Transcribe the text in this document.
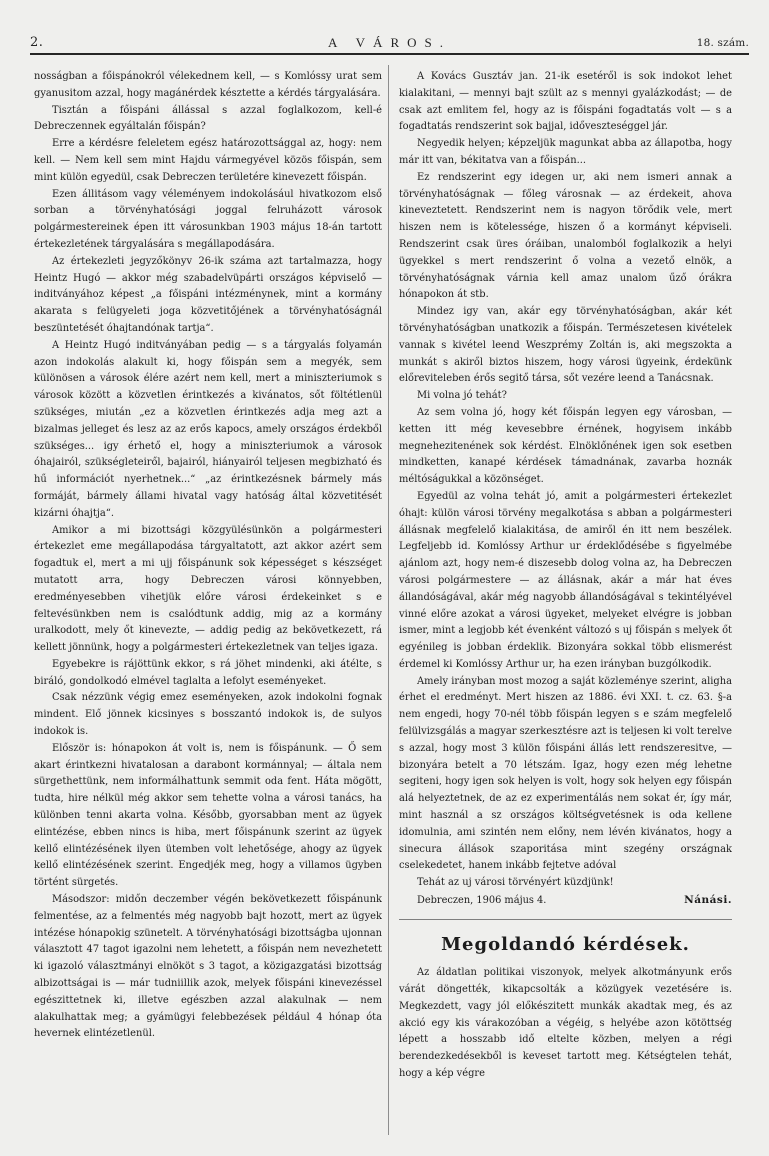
2.	A VÁROS.	18. szám.

nosságban a főispánokról vélekednem kell, — s Komlóssy urat sem gyanusitom azzal, hogy magánérdek késztette a kérdés tárgyalására.

Tisztán a főispáni állással s azzal foglalkozom, kell-é Debreczennek egyáltalán főispán?

Erre a kérdésre feleletem egész határozottsággal az, hogy: nem kell. — Nem kell sem mint Hajdu vármegyével közös főispán, sem mint külön egyedül, csak Debreczen területére kinevezett főispán.

Ezen állitásom vagy véleményem indokolásául hivatkozom első sorban a törvényhatósági joggal felruházott városok polgármestereinek épen itt városunkban 1903 május 18-án tartott értekezletének tárgyalására s megállapodására.

Az értekezleti jegyzőkönyv 26-ik száma azt tartalmazza, hogy Heintz Hugó — akkor még szabadelvüpárti országos képviselő — inditványához képest „a főispáni intézménynek, mint a kormány akarata s felügyeleti joga közvetitőjének a törvényhatóságnál beszüntetését óhajtandónak tartja“.

A Heintz Hugó inditványában pedig — s a tárgyalás folyamán azon indokolás alakult ki, hogy főispán sem a megyék, sem különösen a városok élére azért nem kell, mert a miniszteriumok s városok között a közvetlen érintkezés a kivánatos, sőt föltétlenül szükséges, miután „ez a közvetlen érintkezés adja meg azt a bizalmas jelleget és lesz az az erős kapocs, amely országos érdekből szükséges... igy érhető el, hogy a miniszteriumok a városok óhajairól, szükségleteiről, bajairól, hiányairól teljesen megbizható és hű információt nyerhetnek...“ „az érintkezésnek bármely más formáját, bármely állami hivatal vagy hatóság által közvetitését kizárni óhajtja“.

Amikor a mi bizottsági közgyülésünkön a polgármesteri értekezlet eme megállapodása tárgyaltatott, azt akkor azért sem fogadtuk el, mert a mi ujj főispánunk sok képességet s készséget mutatott arra, hogy Debreczen városi könnyebben, eredményesebben vihetjük előre városi érdekeinket s e feltevésünkben nem is csalódtunk addig, mig az a kormány uralkodott, mely őt kinevezte, — addig pedig az bekövetkezett, rá kellett jönnünk, hogy a polgármesteri értekezletnek van teljes igaza.

Egyebekre is rájöttünk ekkor, s rá jöhet mindenki, aki átélte, s biráló, gondolkodó elmével taglalta a lefolyt eseményeket.

Csak nézzünk végig emez eseményeken, azok indokolni fognak mindent. Elő jönnek kicsinyes s bosszantó indokok is, de sulyos indokok is.

Először is: hónapokon át volt is, nem is főispánunk. — Ő sem akart érintkezni hivatalosan a darabont kormánnyal; — általa nem sürgethettünk, nem informálhattunk semmit oda fent. Háta mögött, tudta, hire nélkül még akkor sem tehette volna a városi tanács, ha különben tenni akarta volna. Később, gyorsabban ment az ügyek elintézése, ebben nincs is hiba, mert főispánunk szerint az ügyek kellő elintézésének ilyen ütemben volt lehetősége, ahogy az ügyek kellő elintézésének szerint. Engedjék meg, hogy a villamos ügyben történt sürgetés.

Másodszor: midőn deczember végén bekövetkezett főispánunk felmentése, az a felmentés még nagyobb bajt hozott, mert az ügyek intézése hónapokig szünetelt. A törvényhatósági bizottságba ujonnan választott 47 tagot igazolni nem lehetett, a főispán nem nevezhetett ki igazoló választmányi elnököt s 3 tagot, a közigazgatási bizottság albizottságai is — már tudniillik azok, melyek főispáni kinevezéssel egészittetnek ki, illetve egészben azzal alakulnak — nem alakulhattak meg; a gyámügyi felebbezések például 4 hónap óta hevernek elintézetlenül.

A Kovács Gusztáv jan. 21-ik esetéről is sok indokot lehet kialakitani, — mennyi bajt szült az s mennyi gyalázkodást; — de csak azt emlitem fel, hogy az is főispáni fogadtatás volt — s a fogadtatás rendszerint sok bajjal, időveszteséggel jár.

Negyedik helyen; képzeljük magunkat abba az állapotba, hogy már itt van, békitatva van a főispán...

Ez rendszerint egy idegen ur, aki nem ismeri annak a törvényhatóságnak — főleg városnak — az érdekeit, ahova kineveztetett. Rendszerint nem is nagyon törődik vele, mert hiszen nem is kötelessége, hiszen ő a kormányt képviseli. Rendszerint csak üres óráiban, unalomból foglalkozik a helyi ügyekkel s mert rendszerint ő volna a vezető elnök, a törvényhatóságnak várnia kell amaz unalom űző órákra hónapokon át stb.

Mindez igy van, akár egy törvényhatóságban, akár két törvényhatóságban unatkozik a főispán. Természetesen kivételek vannak s kivétel leend Weszprémy Zoltán is, aki megszokta a munkát s akiről biztos hiszem, hogy városi ügyeink, érdekünk előreviteleben érős segitő társa, sőt vezére leend a Tanácsnak.

Mi volna jó tehát?

Az sem volna jó, hogy két főispán legyen egy városban, — ketten itt még kevesebbre érnének, hogyisem inkább megnehezitenének sok kérdést. Elnöklőnének igen sok esetben mindketten, kanapé kérdések támadnának, zavarba hoznák méltóságukkal a közönséget.

Egyedül az volna tehát jó, amit a polgármesteri értekezlet óhajt: külön városi törvény megalkotása s abban a polgármesteri állásnak megfelelő kialakitása, de amiről én itt nem beszélek. Legfeljebb id. Komlóssy Arthur ur érdeklődésébe s figyelmébe ajánlom azt, hogy nem-é diszesebb dolog volna az, ha Debreczen városi polgármestere — az állásnak, akár a már hat éves állandóságával, akár még nagyobb állandóságával s tekintélyével vinné előre azokat a városi ügyeket, melyeket elvégre is jobban ismer, mint a legjobb két évenként változó s uj főispán s melyek őt egyénileg is jobban érdeklik. Bizonyára sokkal több elismerést érdemel ki Komlóssy Arthur ur, ha ezen irányban buzgólkodik.

Amely irányban most mozog a saját közleménye szerint, aligha érhet el eredményt. Mert hiszen az 1886. évi XXI. t. cz. 63. §-a nem engedi, hogy 70-nél több főispán legyen s e szám megfelelő felülvizsgálás a magyar szerkesztésre azt is teljesen ki volt terelve s azzal, hogy most 3 külön főispáni állás lett rendszeresitve, — bizonyára betelt a 70 létszám. Igaz, hogy ezen még lehetne segiteni, hogy igen sok helyen is volt, hogy sok helyen egy főispán alá helyeztetnek, de az ez experimentálás nem sokat ér, így már, mint használ a sz országos költségvetésnek is oda kellene idomulnia, ami szintén nem előny, nem lévén kivánatos, hogy a sinecura állások szaporitása mint szegény országnak cselekedetet, hanem inkább fejtetve adóval

Tehát az uj városi törvényért küzdjünk!

Debreczen, 1906 május 4.	Nánási.
Megoldandó kérdések.

Az áldatlan politikai viszonyok, melyek alkotmányunk erős várát döngették, kikapcsolták a közügyek vezetésére is. Megkezdett, vagy jól előkészitett munkák akadtak meg, és az akció egy kis várakozóban a végéig, s helyébe azon kötöttség lépett a hosszabb idő eltelte közben, melyen a régi berendezkedésekből is keveset tartott meg. Kétségtelen tehát, hogy a kép végre
